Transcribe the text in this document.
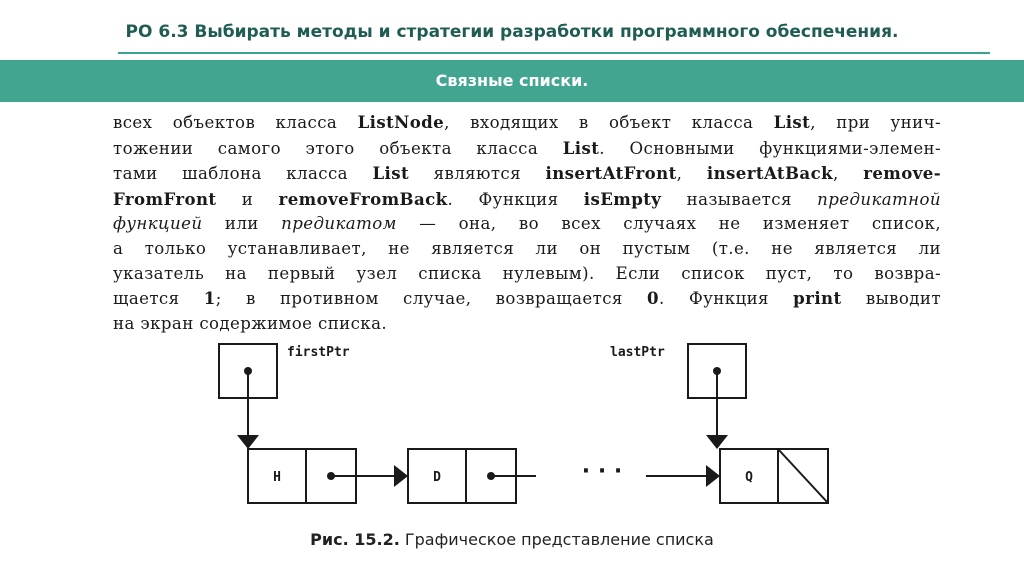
РО 6.3 Выбирать методы и стратегии разработки программного обеспечения.
Связные списки.
всех объектов класса ListNode, входящих в объект класса List, при унич-
тожении самого этого объекта класса List. Основными функциями-элемен-
тами шаблона класса List являются insertAtFront, insertAtBack, remove-
FromFront и removeFromBack. Функция isEmpty называется предикатной
функцией или предикатом — она, во всех случаях не изменяет список,
а только устанавливает, не является ли он пустым (т.е. не является ли
указатель на первый узел списка нулевым). Если список пуст, то возвра-
щается 1; в противном случае, возвращается 0. Функция print выводит
на экран содержимое списка.
firstPtr	lastPtr
H	D	Q
· · ·
Рис. 15.2. Графическое представление списка
